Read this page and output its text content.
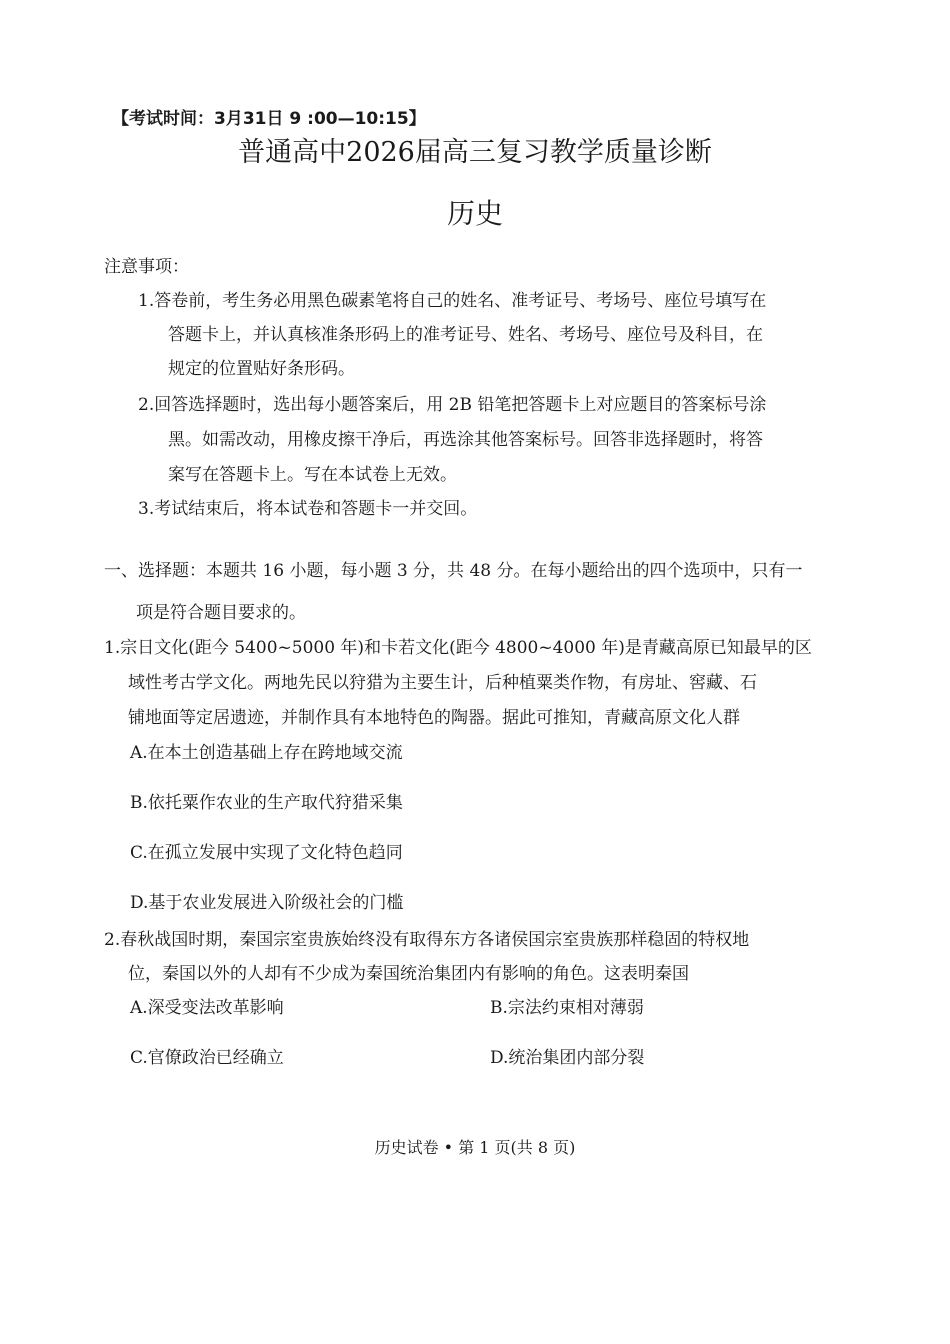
【考试时间：3月31日 9 :00—10:15】
普通高中2026届高三复习教学质量诊断
历史
注意事项：
1.答卷前，考生务必用黑色碳素笔将自己的姓名、准考证号、考场号、座位号填写在
答题卡上，并认真核准条形码上的准考证号、姓名、考场号、座位号及科目，在
规定的位置贴好条形码。
2.回答选择题时，选出每小题答案后，用 2B 铅笔把答题卡上对应题目的答案标号涂
黑。如需改动，用橡皮擦干净后，再选涂其他答案标号。回答非选择题时，将答
案写在答题卡上。写在本试卷上无效。
3.考试结束后，将本试卷和答题卡一并交回。
一、选择题：本题共 16 小题，每小题 3 分，共 48 分。在每小题给出的四个选项中，只有一
项是符合题目要求的。
1.宗日文化(距今 5400~5000 年)和卡若文化(距今 4800~4000 年)是青藏高原已知最早的区
域性考古学文化。两地先民以狩猎为主要生计，后种植粟类作物，有房址、窖藏、石
铺地面等定居遗迹，并制作具有本地特色的陶器。据此可推知，青藏高原文化人群
A.在本土创造基础上存在跨地域交流
B.依托粟作农业的生产取代狩猎采集
C.在孤立发展中实现了文化特色趋同
D.基于农业发展进入阶级社会的门槛
2.春秋战国时期，秦国宗室贵族始终没有取得东方各诸侯国宗室贵族那样稳固的特权地
位，秦国以外的人却有不少成为秦国统治集团内有影响的角色。这表明秦国
A.深受变法改革影响	B.宗法约束相对薄弱
C.官僚政治已经确立	D.统治集团内部分裂
历史试卷 • 第 1 页(共 8 页)
